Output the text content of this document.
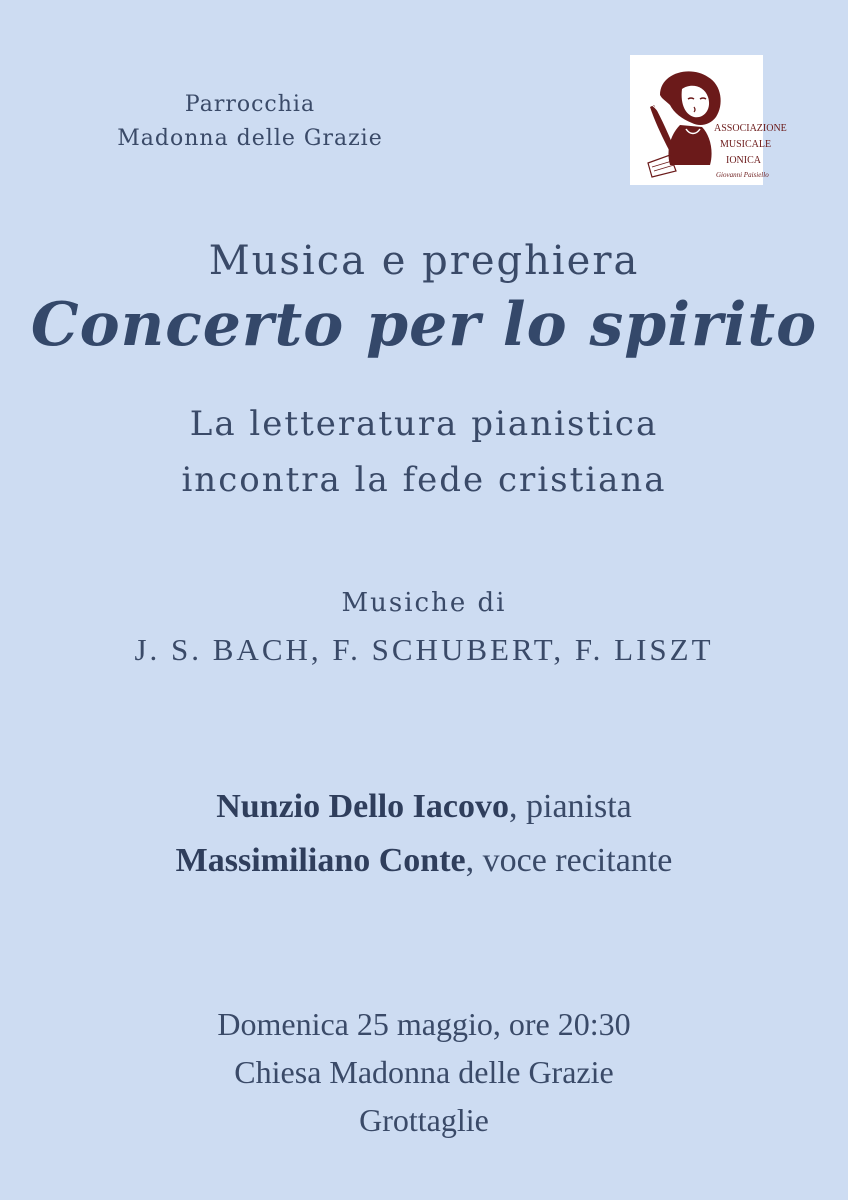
Parrocchia
Madonna delle Grazie	ASSOCIAZIONE
MUSICALE
IONICA
Giovanni Paisiello
Musica e preghiera
Concerto per lo spirito
La letteratura pianistica
incontra la fede cristiana
Musiche di
J. S. BACH, F. SCHUBERT, F. LISZT
Nunzio Dello Iacovo, pianista
Massimiliano Conte, voce recitante
Domenica 25 maggio, ore 20:30
Chiesa Madonna delle Grazie
Grottaglie
